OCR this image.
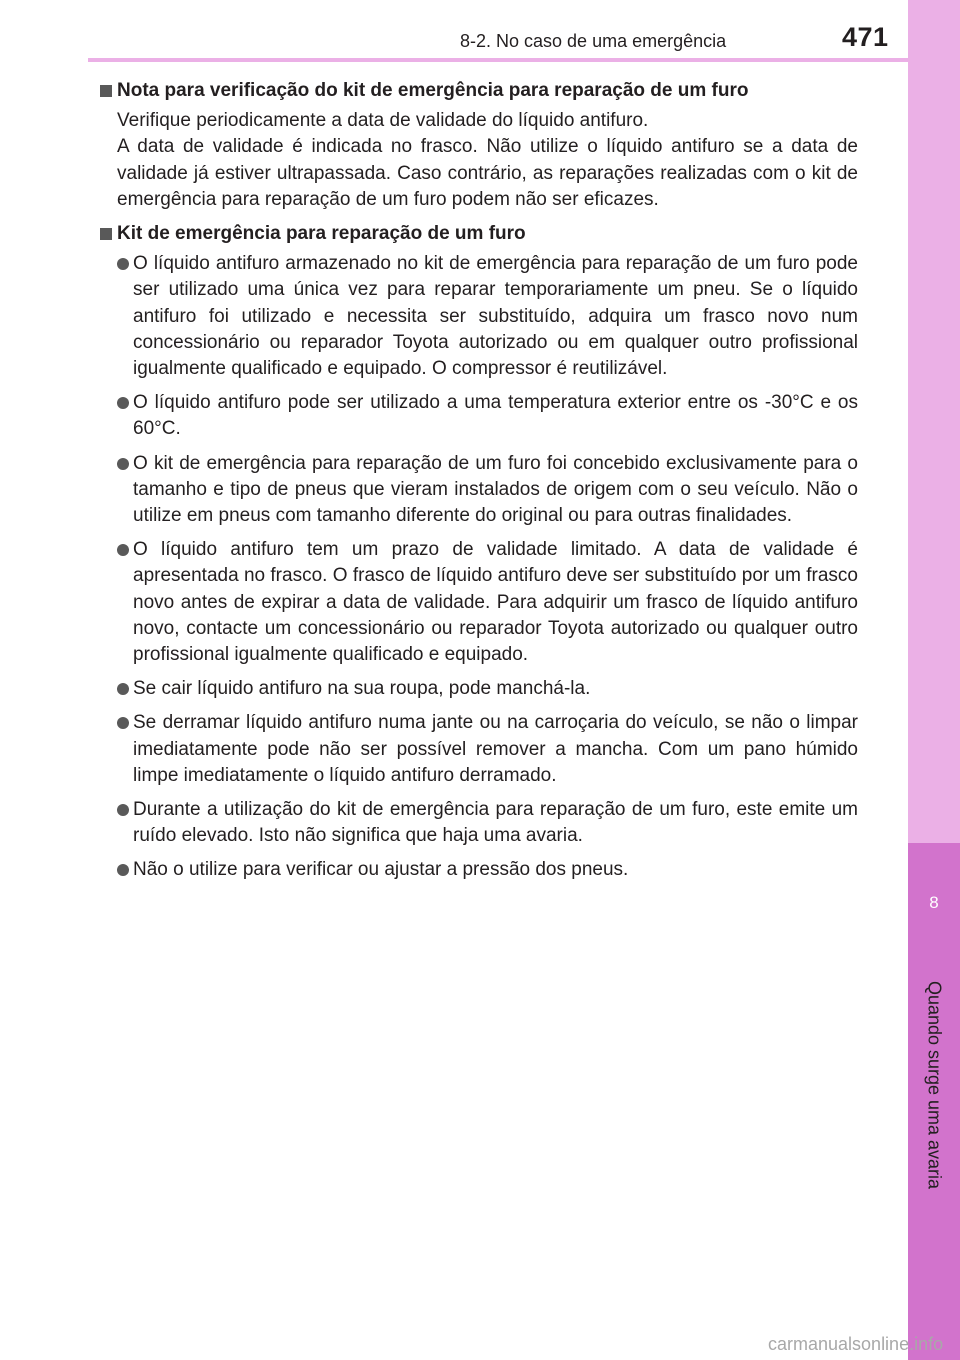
8
Quando surge uma avaria
8-2. No caso de uma emergência	471
Nota para verificação do kit de emergência para reparação de um furo
Verifique periodicamente a data de validade do líquido antifuro.
A data de validade é indicada no frasco. Não utilize o líquido antifuro se a data de validade já estiver ultrapassada. Caso contrário, as reparações realizadas com o kit de emergência para reparação de um furo podem não ser eficazes.
Kit de emergência para reparação de um furo
O líquido antifuro armazenado no kit de emergência para reparação de um furo pode ser utilizado uma única vez para reparar temporariamente um pneu. Se o líquido antifuro foi utilizado e necessita ser substituído, adquira um frasco novo num concessionário ou reparador Toyota autorizado ou em qualquer outro profissional igualmente qualificado e equipado. O compressor é reutilizável.
O líquido antifuro pode ser utilizado a uma temperatura exterior entre os -30°C e os 60°C.
O kit de emergência para reparação de um furo foi concebido exclusivamente para o tamanho e tipo de pneus que vieram instalados de origem com o seu veículo. Não o utilize em pneus com tamanho diferente do original ou para outras finalidades.
O líquido antifuro tem um prazo de validade limitado. A data de validade é apresentada no frasco. O frasco de líquido antifuro deve ser substituído por um frasco novo antes de expirar a data de validade. Para adquirir um frasco de líquido antifuro novo, contacte um concessionário ou reparador Toyota autorizado ou qualquer outro profissional igualmente qualificado e equipado.
Se cair líquido antifuro na sua roupa, pode manchá-la.
Se derramar líquido antifuro numa jante ou na carroçaria do veículo, se não o limpar imediatamente pode não ser possível remover a mancha. Com um pano húmido limpe imediatamente o líquido antifuro derramado.
Durante a utilização do kit de emergência para reparação de um furo, este emite um ruído elevado. Isto não significa que haja uma avaria.
Não o utilize para verificar ou ajustar a pressão dos pneus.
carmanualsonline.info
